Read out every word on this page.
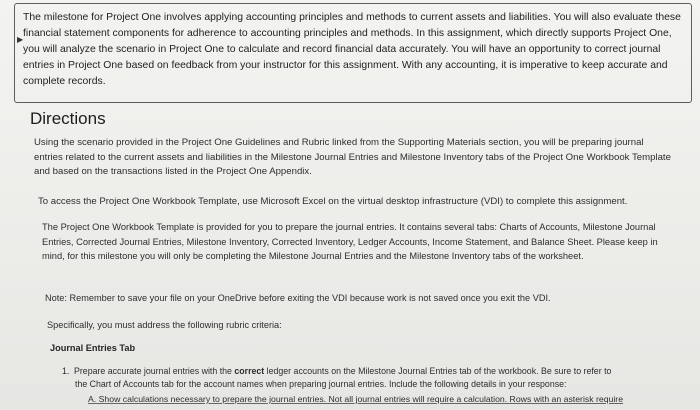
▶
The milestone for Project One involves applying accounting principles and methods to current assets and liabilities. You will also evaluate these financial statement components for adherence to accounting principles and methods. In this assignment, which directly supports Project One, you will analyze the scenario in Project One to calculate and record financial data accurately. You will have an opportunity to correct journal entries in Project One based on feedback from your instructor for this assignment. With any accounting, it is imperative to keep accurate and complete records.
Directions

Using the scenario provided in the Project One Guidelines and Rubric linked from the Supporting Materials section, you will be preparing journal entries related to the current assets and liabilities in the Milestone Journal Entries and Milestone Inventory tabs of the Project One Workbook Template and based on the transactions listed in the Project One Appendix.

To access the Project One Workbook Template, use Microsoft Excel on the virtual desktop infrastructure (VDI) to complete this assignment.

The Project One Workbook Template is provided for you to prepare the journal entries. It contains several tabs: Charts of Accounts, Milestone Journal Entries, Corrected Journal Entries, Milestone Inventory, Corrected Inventory, Ledger Accounts, Income Statement, and Balance Sheet. Please keep in mind, for this milestone you will only be completing the Milestone Journal Entries and the Milestone Inventory tabs of the worksheet.

Note: Remember to save your file on your OneDrive before exiting the VDI because work is not saved once you exit the VDI.

Specifically, you must address the following rubric criteria:

Journal Entries Tab
1. Prepare accurate journal entries with the correct ledger accounts on the Milestone Journal Entries tab of the workbook. Be sure to refer to
the Chart of Accounts tab for the account names when preparing journal entries. Include the following details in your response:
A. Show calculations necessary to prepare the journal entries. Not all journal entries will require a calculation. Rows with an asterisk require
